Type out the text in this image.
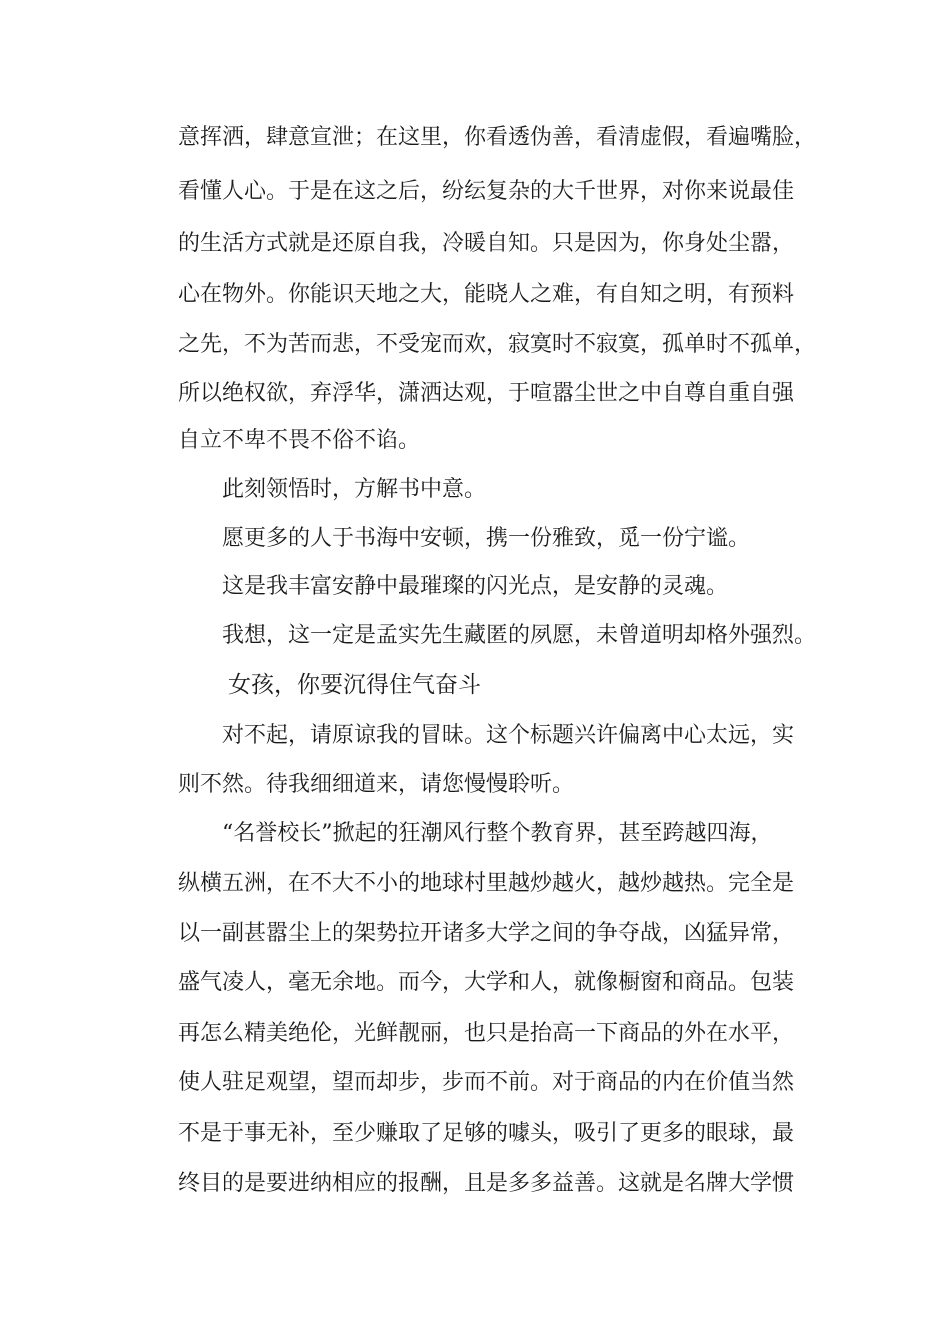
意挥洒，肆意宣泄；在这里，你看透伪善，看清虚假，看遍嘴脸，

看懂人心。于是在这之后，纷纭复杂的大千世界，对你来说最佳

的生活方式就是还原自我，冷暖自知。只是因为，你身处尘嚣，

心在物外。你能识天地之大，能晓人之难，有自知之明，有预料

之先，不为苦而悲，不受宠而欢，寂寞时不寂寞，孤单时不孤单，

所以绝权欲，弃浮华，潇洒达观，于喧嚣尘世之中自尊自重自强

自立不卑不畏不俗不谄。

此刻领悟时，方解书中意。

愿更多的人于书海中安顿，携一份雅致，觅一份宁谧。

这是我丰富安静中最璀璨的闪光点，是安静的灵魂。

我想，这一定是孟实先生藏匿的夙愿，未曾道明却格外强烈。

女孩，你要沉得住气奋斗

对不起，请原谅我的冒昧。这个标题兴许偏离中心太远，实

则不然。待我细细道来，请您慢慢聆听。

“名誉校长”掀起的狂潮风行整个教育界，甚至跨越四海，

纵横五洲，在不大不小的地球村里越炒越火，越炒越热。完全是

以一副甚嚣尘上的架势拉开诸多大学之间的争夺战，凶猛异常，

盛气凌人，毫无余地。而今，大学和人，就像橱窗和商品。包装

再怎么精美绝伦，光鲜靓丽，也只是抬高一下商品的外在水平，

使人驻足观望，望而却步，步而不前。对于商品的内在价值当然

不是于事无补，至少赚取了足够的噱头，吸引了更多的眼球，最

终目的是要进纳相应的报酬，且是多多益善。这就是名牌大学惯
